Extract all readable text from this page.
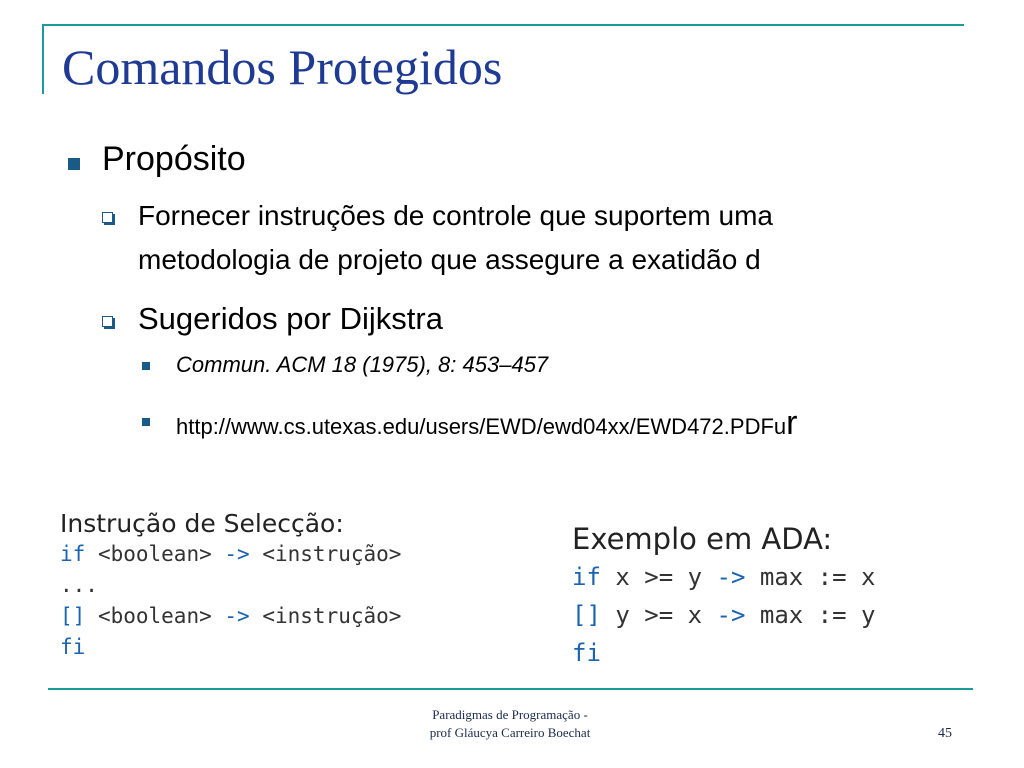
Comandos Protegidos
Propósito
Fornecer instruções de controle que suportem uma
metodologia de projeto que assegure a exatidão d
Sugeridos por Dijkstra
Commun. ACM 18 (1975), 8: 453–457
http://www.cs.utexas.edu/users/EWD/ewd04xx/EWD472.PDFur
Instrução de Selecção:
if <boolean> -> <instrução>
...
[] <boolean> -> <instrução>
fi
Exemplo em ADA:
if x >= y -> max := x
[] y >= x -> max := y
fi
Paradigmas de Programação -
prof Gláucya Carreiro Boechat	45
